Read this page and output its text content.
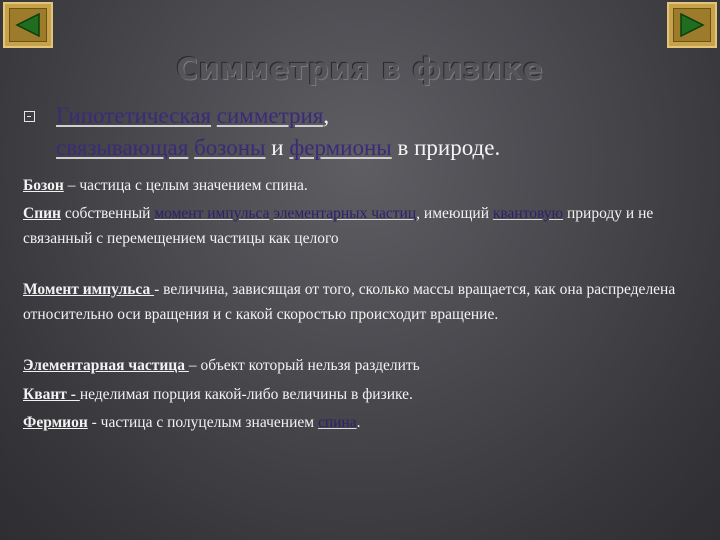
Симметрия в физике
Гипотетическая симметрия,
связывающая бозоны и фермионы в природе.
Бозон – частица с целым значением спина.
Спин собственный момент импульса элементарных частиц, имеющий квантовую природу и не связанный с перемещением частицы как целого
Момент импульса - величина, зависящая от того, сколько массы вращается, как она распределена относительно оси вращения и с какой скоростью происходит вращение.
Элементарная частица – объект который нельзя разделить
Квант - неделимая порция какой-либо величины в физике.
Фермион - частица с полуцелым значением спина.
